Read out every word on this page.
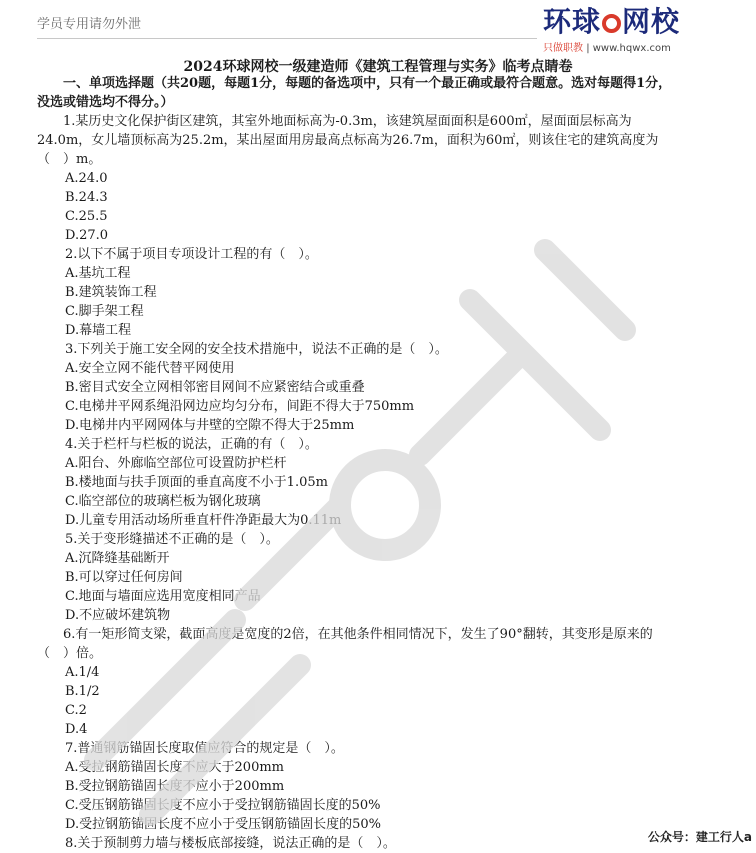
学员专用请勿外泄	环球 网校
只做职教 | www.hqwx.com
2024环球网校一级建造师《建筑工程管理与实务》临考点睛卷
一、单项选择题（共20题，每题1分，每题的备选项中，只有一个最正确或最符合题意。选对每题得1分，没选或错选均不得分。）
1.某历史文化保护街区建筑，其室外地面标高为-0.3m，该建筑屋面面积是600㎡，屋面面层标高为24.0m，女儿墙顶标高为25.2m，某出屋面用房最高点标高为26.7m，面积为60㎡，则该住宅的建筑高度为（　）m。
A.24.0
B.24.3
C.25.5
D.27.0
2.以下不属于项目专项设计工程的有（　）。
A.基坑工程
B.建筑装饰工程
C.脚手架工程
D.幕墙工程
3.下列关于施工安全网的安全技术措施中，说法不正确的是（　）。
A.安全立网不能代替平网使用
B.密目式安全立网相邻密目网间不应紧密结合或重叠
C.电梯井平网系绳沿网边应均匀分布，间距不得大于750mm
D.电梯井内平网网体与井壁的空隙不得大于25mm
4.关于栏杆与栏板的说法，正确的有（　）。
A.阳台、外廊临空部位可设置防护栏杆
B.楼地面与扶手顶面的垂直高度不小于1.05m
C.临空部位的玻璃栏板为钢化玻璃
D.儿童专用活动场所垂直杆件净距最大为0.11m
5.关于变形缝描述不正确的是（　）。
A.沉降缝基础断开
B.可以穿过任何房间
C.地面与墙面应选用宽度相同产品
D.不应破坏建筑物
6.有一矩形简支梁，截面高度是宽度的2倍，在其他条件相同情况下，发生了90°翻转，其变形是原来的（　）倍。
A.1/4
B.1/2
C.2
D.4
7.普通钢筋锚固长度取值应符合的规定是（　）。
A.受拉钢筋锚固长度不应大于200mm
B.受拉钢筋锚固长度不应小于200mm
C.受压钢筋锚固长度不应小于受拉钢筋锚固长度的50%
D.受拉钢筋锚固长度不应小于受压钢筋锚固长度的50%
8.关于预制剪力墙与楼板底部接缝，说法正确的是（　）。	公众号：建工行人a
